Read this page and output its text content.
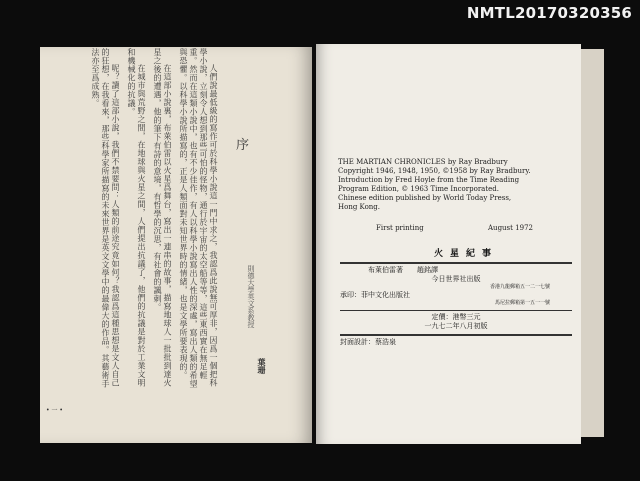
NMTL20170320356

人們說最低級的寫作可於科學小說這一門中求之，我認爲此說無可厚非，因爲一個把科學小說，立刻令人想到那些可怕的怪物，通行於宇宙的太空船等等，這些東西實在無足輕重。然而在這類小說中，也有不少佳作，有人以科學小說寫出人性的深處，寫出人類的希望與恐懼。以科學小說所描寫的，正是人類面對未知世界時的情緒，也是文學所要表現的。

在這部小說裏，布萊伯雷以火星爲舞台，寫出一連串的故事，描寫地球人一批批到達火星之後的遭遇，他的筆下有詩的意境，有哲學的沉思，有社會的諷刺。

在城市與荒野之間，在地球與火星之間，人們提出抗議了，他們的抗議是對於工業文明和機械化的抗議。

呢？讀了這部小說，我們不禁要問：人類的前途究竟如何？我認爲這種思想是文人自己的狂想，在我看來，那些科學家所描寫的未來世界是英文文學中的最偉大的作品。其藝術手法亦至爲成熟。

序
則德大學英文系教授
葉珊
• 一 •
THE MARTIAN CHRONICLES by Ray Bradbury
Copyright 1946, 1948, 1950, ©1958 by Ray Bradbury.
Introduction by Fred Hoyle from the Time Reading
Program Edition, © 1963 Time Incorporated.
Chinese edition published by World Today Press,
Hong Kong.
First printing	August 1972
火星紀事
布萊伯雷著 趙銘譯
今日世界社出版
香港九龍郵箱五一二一七號
承印：菲中文化出版社
馬尼拉郵箱第一五一一號
定價：港幣三元
一九七二年八月初版
封面設計：蔡浩泉
